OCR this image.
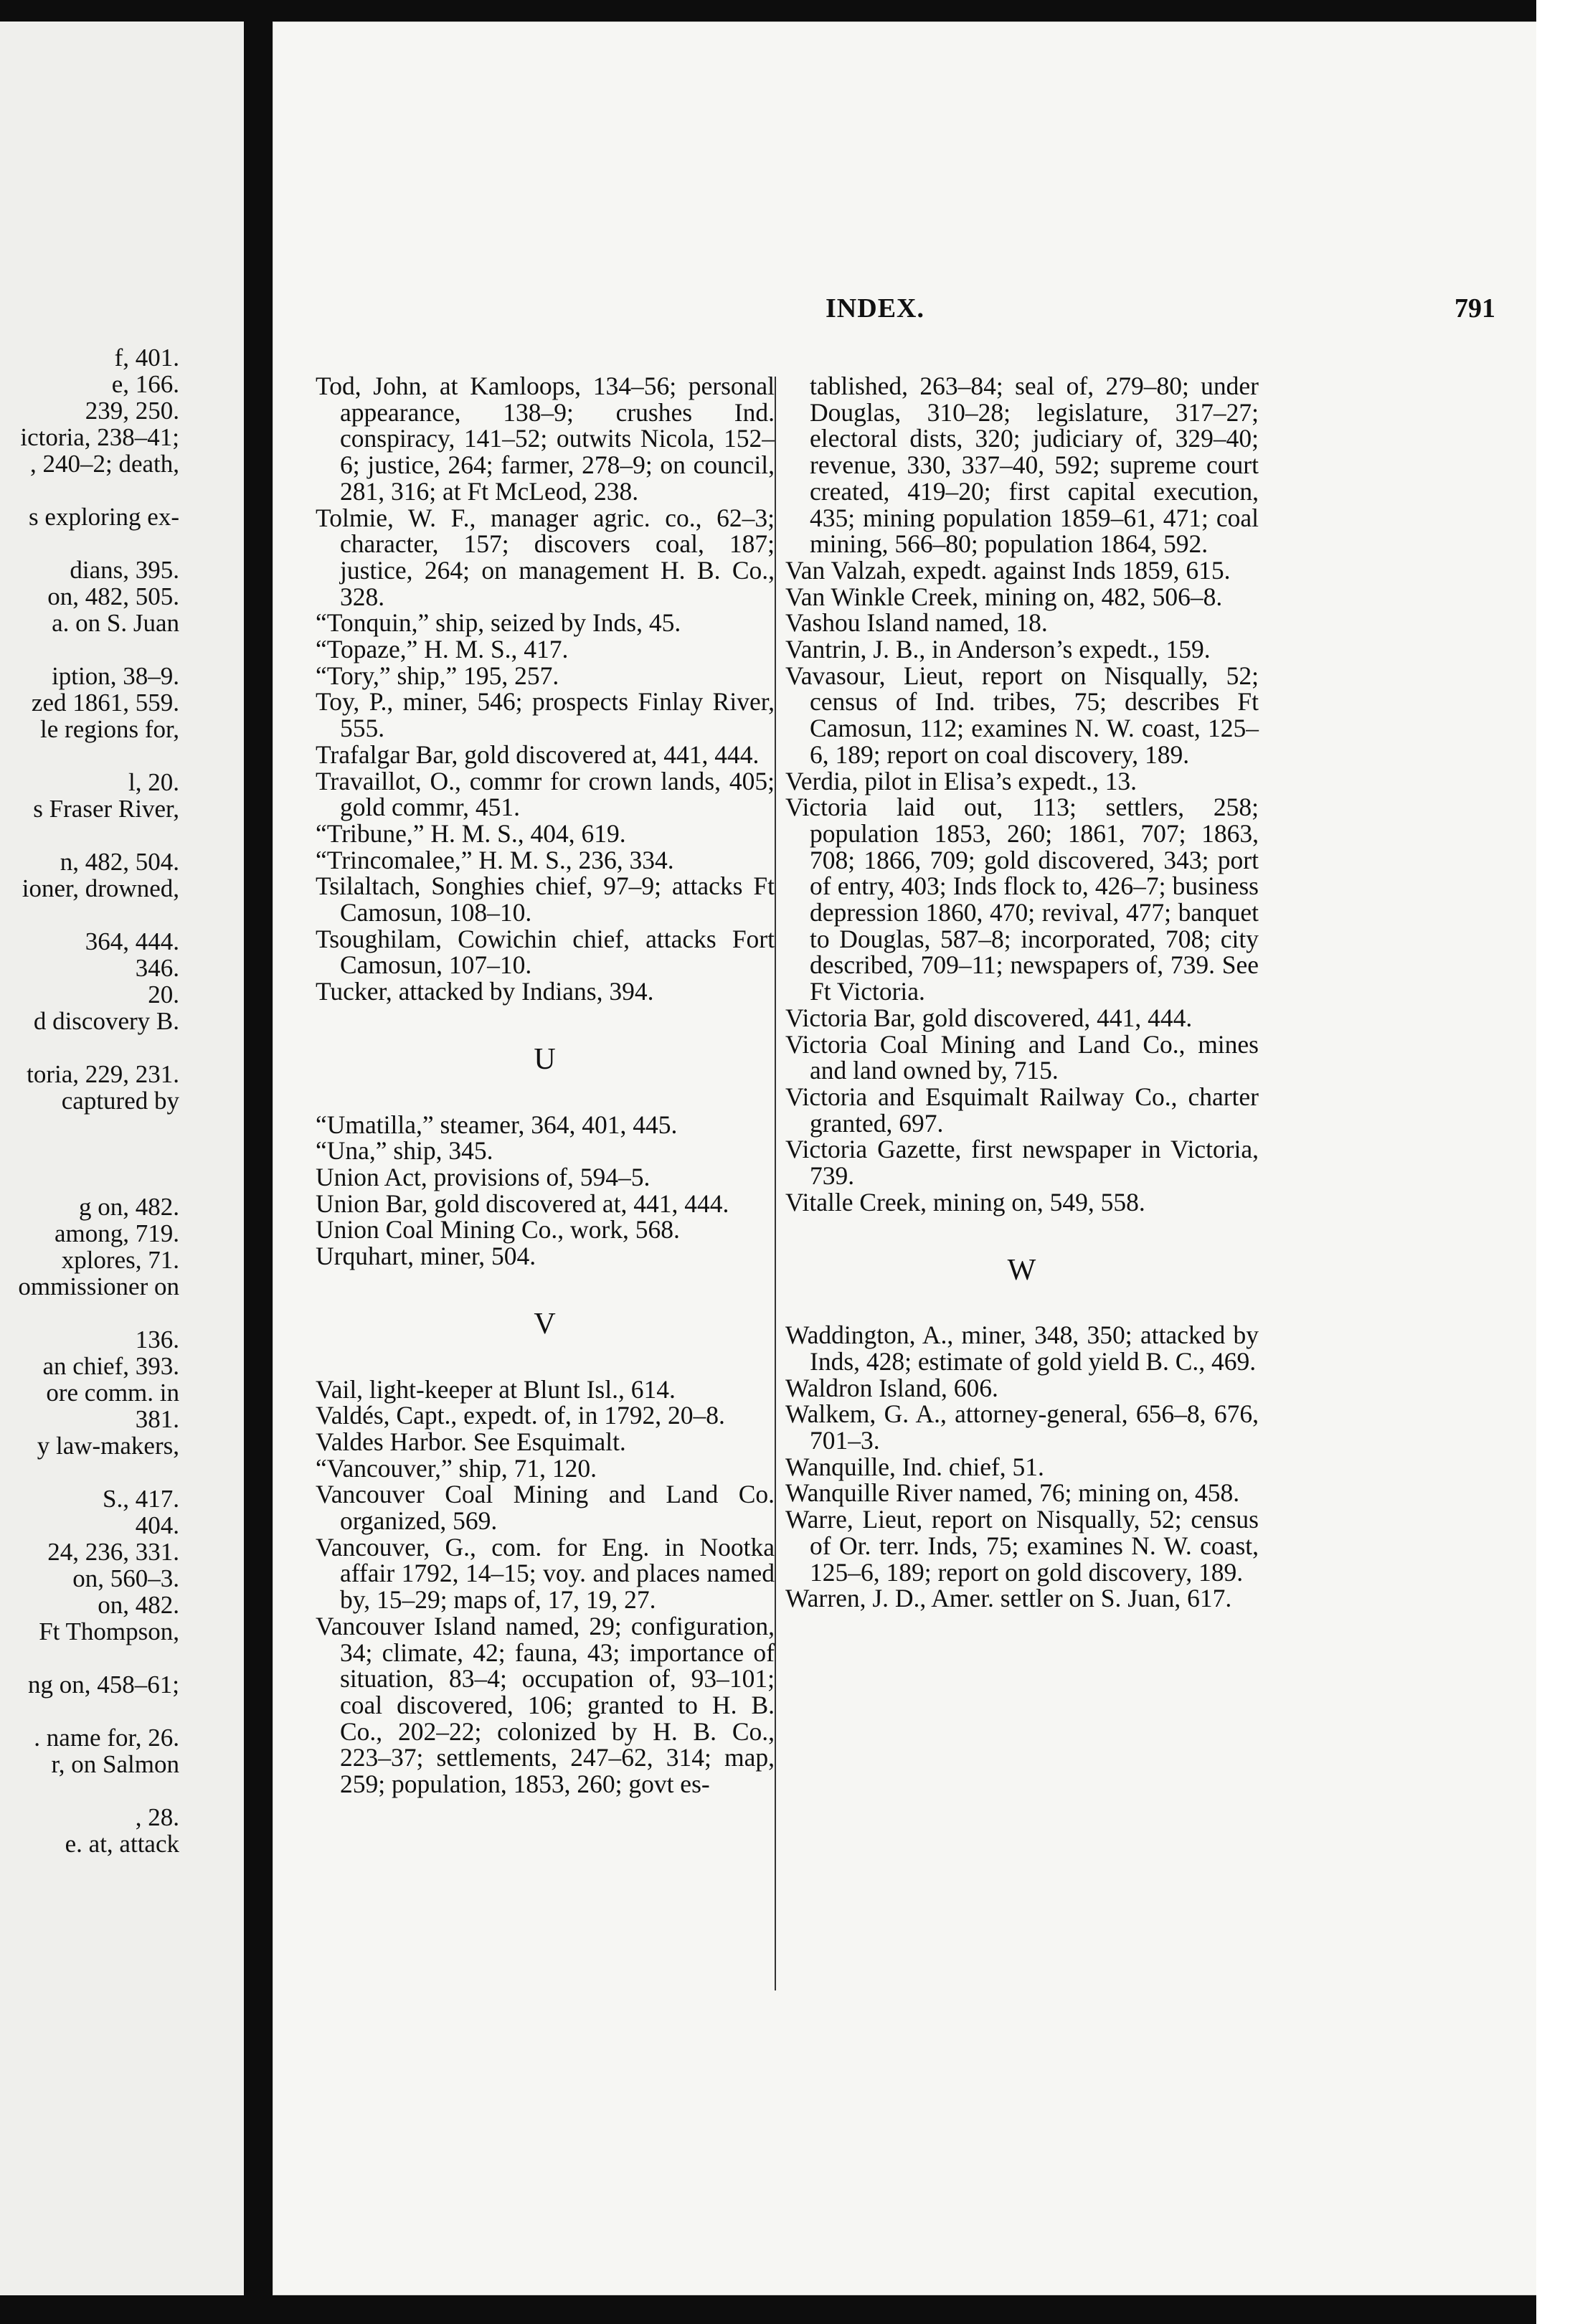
f, 401.
e, 166.
239, 250.
ictoria, 238–41;
, 240–2; death,
s exploring ex-
dians, 395.
on, 482, 505.
a. on S. Juan
iption, 38–9.
zed 1861, 559.
le regions for,
l, 20.
s Fraser River,
n, 482, 504.
ioner, drowned,
364, 444.
346.
20.
d discovery B.
toria, 229, 231.
captured by
g on, 482.
among, 719.
xplores, 71.
ommissioner on
136.
an chief, 393.
ore comm. in
381.
y law-makers,
S., 417.
404.
24, 236, 331.
on, 560–3.
on, 482.
Ft Thompson,
ng on, 458–61;
. name for, 26.
r, on Salmon
, 28.
e. at, attack
INDEX.	791
Tod, John, at Kamloops, 134–56; personal appearance, 138–9; crushes Ind. conspiracy, 141–52; outwits Nicola, 152–6; justice, 264; farmer, 278–9; on council, 281, 316; at Ft McLeod, 238.
Tolmie, W. F., manager agric. co., 62–3; character, 157; discovers coal, 187; justice, 264; on management H. B. Co., 328.
“Tonquin,” ship, seized by Inds, 45.
“Topaze,” H. M. S., 417.
“Tory,” ship,” 195, 257.
Toy, P., miner, 546; prospects Finlay River, 555.
Trafalgar Bar, gold discovered at, 441, 444.
Travaillot, O., commr for crown lands, 405; gold commr, 451.
“Tribune,” H. M. S., 404, 619.
“Trincomalee,” H. M. S., 236, 334.
Tsilaltach, Songhies chief, 97–9; attacks Ft Camosun, 108–10.
Tsoughilam, Cowichin chief, attacks Fort Camosun, 107–10.
Tucker, attacked by Indians, 394.
U
“Umatilla,” steamer, 364, 401, 445.
“Una,” ship, 345.
Union Act, provisions of, 594–5.
Union Bar, gold discovered at, 441, 444.
Union Coal Mining Co., work, 568.
Urquhart, miner, 504.
V
Vail, light-keeper at Blunt Isl., 614.
Valdés, Capt., expedt. of, in 1792, 20–8.
Valdes Harbor. See Esquimalt.
“Vancouver,” ship, 71, 120.
Vancouver Coal Mining and Land Co. organized, 569.
Vancouver, G., com. for Eng. in Nootka affair 1792, 14–15; voy. and places named by, 15–29; maps of, 17, 19, 27.
Vancouver Island named, 29; configuration, 34; climate, 42; fauna, 43; importance of situation, 83–4; occupation of, 93–101; coal discovered, 106; granted to H. B. Co., 202–22; colonized by H. B. Co., 223–37; settlements, 247–62, 314; map, 259; population, 1853, 260; govt es-
tablished, 263–84; seal of, 279–80; under Douglas, 310–28; legislature, 317–27; electoral dists, 320; judiciary of, 329–40; revenue, 330, 337–40, 592; supreme court created, 419–20; first capital execution, 435; mining population 1859–61, 471; coal mining, 566–80; population 1864, 592.
Van Valzah, expedt. against Inds 1859, 615.
Van Winkle Creek, mining on, 482, 506–8.
Vashou Island named, 18.
Vantrin, J. B., in Anderson’s expedt., 159.
Vavasour, Lieut, report on Nisqually, 52; census of Ind. tribes, 75; describes Ft Camosun, 112; examines N. W. coast, 125–6, 189; report on coal discovery, 189.
Verdia, pilot in Elisa’s expedt., 13.
Victoria laid out, 113; settlers, 258; population 1853, 260; 1861, 707; 1863, 708; 1866, 709; gold discovered, 343; port of entry, 403; Inds flock to, 426–7; business depression 1860, 470; revival, 477; banquet to Douglas, 587–8; incorporated, 708; city described, 709–11; newspapers of, 739. See Ft Victoria.
Victoria Bar, gold discovered, 441, 444.
Victoria Coal Mining and Land Co., mines and land owned by, 715.
Victoria and Esquimalt Railway Co., charter granted, 697.
Victoria Gazette, first newspaper in Victoria, 739.
Vitalle Creek, mining on, 549, 558.
W
Waddington, A., miner, 348, 350; attacked by Inds, 428; estimate of gold yield B. C., 469.
Waldron Island, 606.
Walkem, G. A., attorney-general, 656–8, 676, 701–3.
Wanquille, Ind. chief, 51.
Wanquille River named, 76; mining on, 458.
Warre, Lieut, report on Nisqually, 52; census of Or. terr. Inds, 75; examines N. W. coast, 125–6, 189; report on gold discovery, 189.
Warren, J. D., Amer. settler on S. Juan, 617.
